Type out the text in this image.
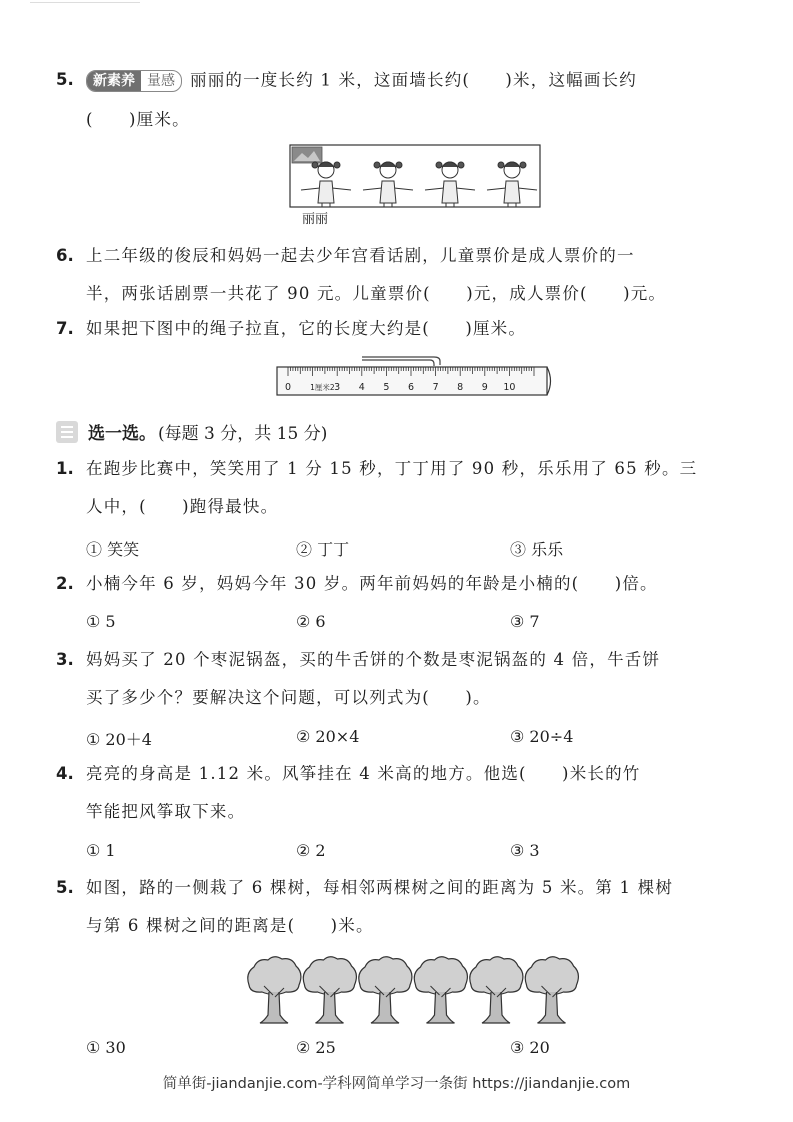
5.	新素养 量感 丽丽的一度长约 1 米，这面墙长约(　　)米，这幅画长约
(　　)厘米。
丽丽
6. 上二年级的俊辰和妈妈一起去少年宫看话剧，儿童票价是成人票价的一
半，两张话剧票一共花了 90 元。儿童票价(　　)元，成人票价(　　)元。
7. 如果把下图中的绳子拉直，它的长度大约是(　　)厘米。
0	1厘米2 3 4 5 6 7 8 9 10
选一选。 (每题 3 分，共 15 分)
1. 在跑步比赛中，笑笑用了 1 分 15 秒，丁丁用了 90 秒，乐乐用了 65 秒。三
人中，(　　)跑得最快。
① 笑笑	② 丁丁	③ 乐乐
2. 小楠今年 6 岁，妈妈今年 30 岁。两年前妈妈的年龄是小楠的(　　)倍。
① 5	② 6	③ 7
3. 妈妈买了 20 个枣泥锅盔，买的牛舌饼的个数是枣泥锅盔的 4 倍，牛舌饼
买了多少个？要解决这个问题，可以列式为(　　)。
① 20＋4	② 20×4	③ 20÷4
4. 亮亮的身高是 1.12 米。风筝挂在 4 米高的地方。他选(　　)米长的竹
竿能把风筝取下来。
① 1	② 2	③ 3
5. 如图，路的一侧栽了 6 棵树，每相邻两棵树之间的距离为 5 米。第 1 棵树
与第 6 棵树之间的距离是(　　)米。
① 30	② 25	③ 20
简单街-jiandanjie.com-学科网简单学习一条街 https://jiandanjie.com
